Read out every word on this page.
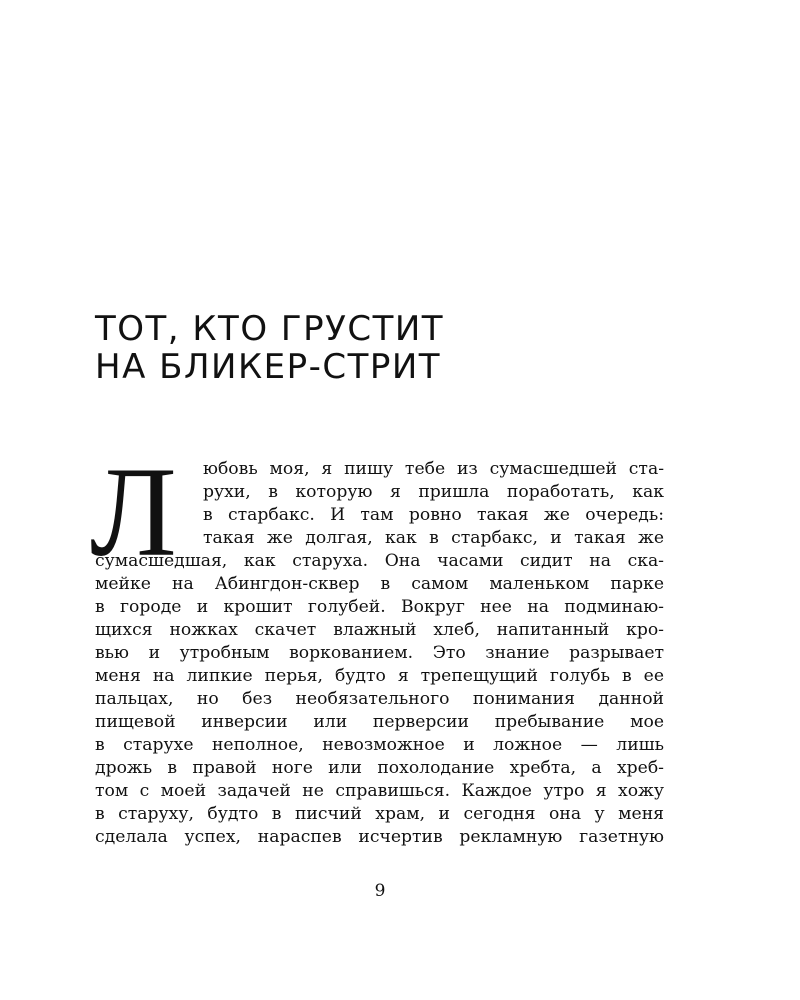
ТОТ, КТО ГРУСТИТ
НА БЛИКЕР-СТРИТ
Л юбовь моя, я пишу тебе из сумасшедшей ста-
рухи, в которую я пришла поработать, как
в старбакс. И там ровно такая же очередь:
такая же долгая, как в старбакс, и такая же
сумасшедшая, как старуха. Она часами сидит на ска-
мейке на Абингдон-сквер в самом маленьком парке
в городе и крошит голубей. Вокруг нее на подминаю-
щихся ножках скачет влажный хлеб, напитанный кро-
вью и утробным воркованием. Это знание разрывает
меня на липкие перья, будто я трепещущий голубь в ее
пальцах, но без необязательного понимания данной
пищевой инверсии или перверсии пребывание мое
в старухе неполное, невозможное и ложное — лишь
дрожь в правой ноге или похолодание хребта, а хреб-
том с моей задачей не справишься. Каждое утро я хожу
в старуху, будто в писчий храм, и сегодня она у меня
сделала успех, нараспев исчертив рекламную газетную
9
